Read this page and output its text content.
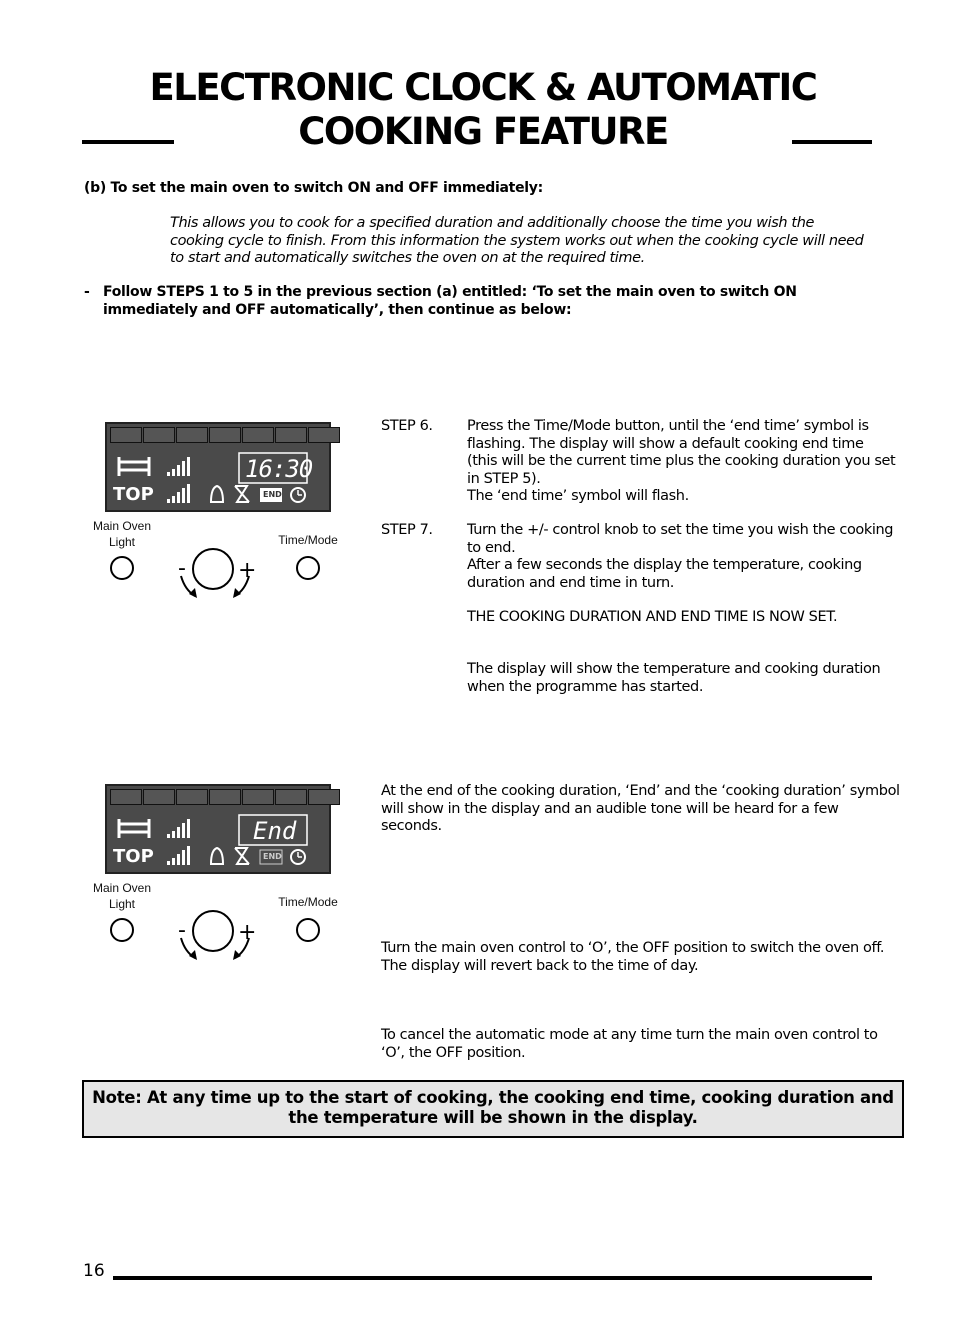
ELECTRONIC CLOCK & AUTOMATIC
COOKING FEATURE
(b) To set the main oven to switch ON and OFF immediately:
This allows you to cook for a specified duration and additionally choose the time you wish the cooking cycle to finish. From this information the system works out when the cooking cycle will need to start and automatically switches the oven on at the required time.
- Follow STEPS 1 to 5 in the previous section (a) entitled: ‘To set the main oven to switch ON immediately and OFF automatically’, then continue as below:
TOP	END
16:30
Main Oven Light	Time/Mode
- +
STEP 6. Press the Time/Mode button, until the ‘end time’ symbol is flashing. The display will show a default cooking end time (this will be the current time plus the cooking duration you set in STEP 5).
The ‘end time’ symbol will flash.
STEP 7. Turn the +/- control knob to set the time you wish the cooking to end.
After a few seconds the display the temperature, cooking duration and end time in turn.
THE COOKING DURATION AND END TIME IS NOW SET.
The display will show the temperature and cooking duration when the programme has started.
TOP	END
End
Main Oven Light	Time/Mode
- +
At the end of the cooking duration, ‘End’ and the ‘cooking duration’ symbol will show in the display and an audible tone will be heard for a few seconds.
Turn the main oven control to ‘O’, the OFF position to switch the oven off. The display will revert back to the time of day.
To cancel the automatic mode at any time turn the main oven control to ‘O’, the OFF position.
Note: At any time up to the start of cooking, the cooking end time, cooking duration and the temperature will be shown in the display.
16
